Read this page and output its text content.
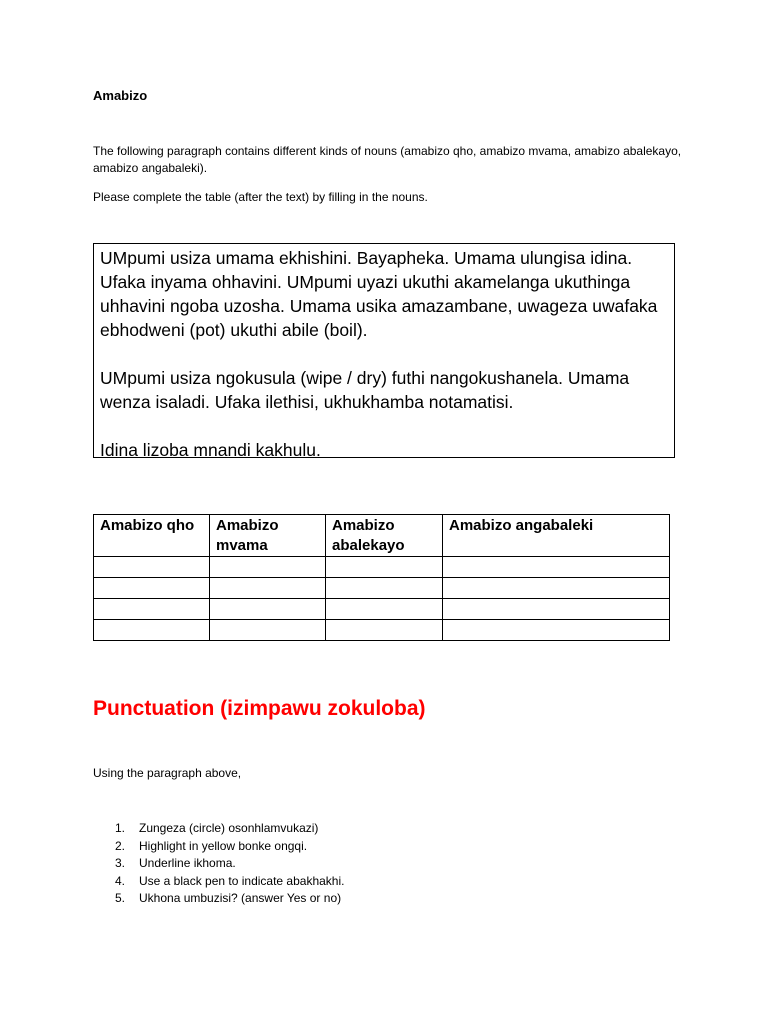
Amabizo
The following paragraph contains different kinds of nouns (amabizo qho, amabizo mvama, amabizo abalekayo, amabizo angabaleki).
Please complete the table (after the text) by filling in the nouns.

UMpumi usiza umama ekhishini. Bayapheka. Umama ulungisa idina. Ufaka inyama ohhavini. UMpumi uyazi ukuthi akamelanga ukuthinga uhhavini ngoba uzosha. Umama usika amazambane, uwageza uwafaka ebhodweni (pot) ukuthi abile (boil).

UMpumi usiza ngokusula (wipe / dry) futhi nangokushanela. Umama wenza isaladi. Ufaka ilethisi, ukhukhamba notamatisi.

Idina lizoba mnandi kakhulu.

Amabizo qho	Amabizo mvama	Amabizo abalekayo	Amabizo angabaleki

Punctuation (izimpawu zokuloba)
Using the paragraph above,
1. Zungeza (circle) osonhlamvukazi)
2. Highlight in yellow bonke ongqi.
3. Underline ikhoma.
4. Use a black pen to indicate abakhakhi.
5. Ukhona umbuzisi? (answer Yes or no)
